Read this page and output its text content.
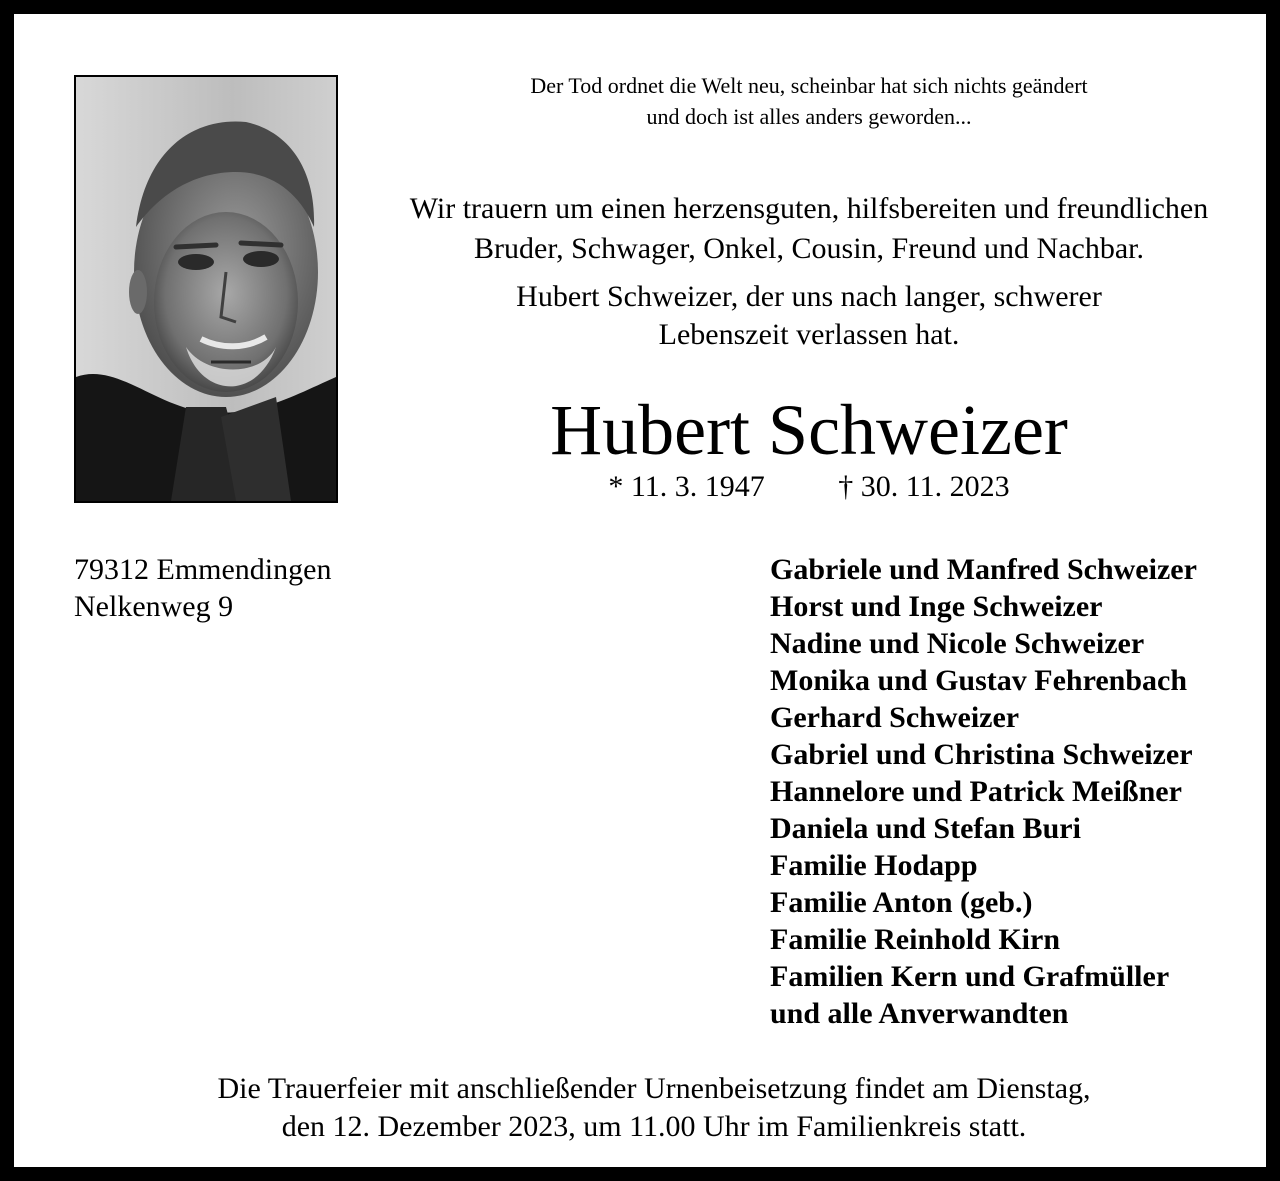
Der Tod ordnet die Welt neu, scheinbar hat sich nichts geändert
und doch ist alles anders geworden...
Wir trauern um einen herzensguten, hilfsbereiten und freundlichen
Bruder, Schwager, Onkel, Cousin, Freund und Nachbar.
Hubert Schweizer, der uns nach langer, schwerer
Lebenszeit verlassen hat.
Hubert Schweizer
* 11. 3. 1947 † 30. 11. 2023
79312 Emmendingen
Nelkenweg 9
Gabriele und Manfred Schweizer
Horst und Inge Schweizer
Nadine und Nicole Schweizer
Monika und Gustav Fehrenbach
Gerhard Schweizer
Gabriel und Christina Schweizer
Hannelore und Patrick Meißner
Daniela und Stefan Buri
Familie Hodapp
Familie Anton (geb.)
Familie Reinhold Kirn
Familien Kern und Grafmüller
und alle Anverwandten
Die Trauerfeier mit anschließender Urnenbeisetzung findet am Dienstag,
den 12. Dezember 2023, um 11.00 Uhr im Familienkreis statt.
